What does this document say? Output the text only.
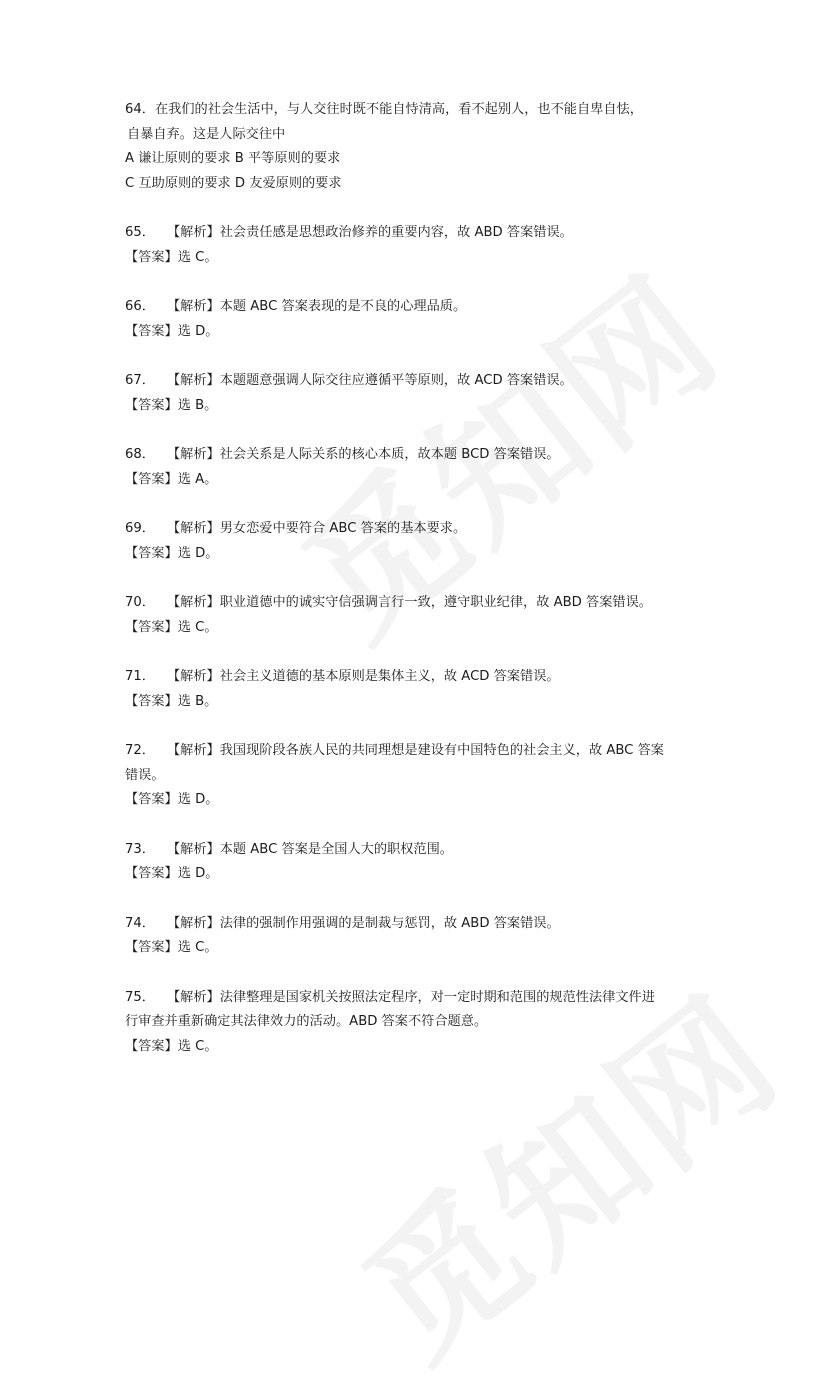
64．在我们的社会生活中，与人交往时既不能自恃清高，看不起别人，也不能自卑自怯，

自暴自弃。这是人际交往中

A 谦让原则的要求 B 平等原则的要求

C 互助原则的要求 D 友爱原则的要求

65． 【解析】社会责任感是思想政治修养的重要内容，故 ABD 答案错误。

【答案】选 C。

66． 【解析】本题 ABC 答案表现的是不良的心理品质。

【答案】选 D。

67． 【解析】本题题意强调人际交往应遵循平等原则，故 ACD 答案错误。

【答案】选 B。

68． 【解析】社会关系是人际关系的核心本质，故本题 BCD 答案错误。

【答案】选 A。

69． 【解析】男女恋爱中要符合 ABC 答案的基本要求。

【答案】选 D。

70． 【解析】职业道德中的诚实守信强调言行一致，遵守职业纪律，故 ABD 答案错误。

【答案】选 C。

71． 【解析】社会主义道德的基本原则是集体主义，故 ACD 答案错误。

【答案】选 B。

72． 【解析】我国现阶段各族人民的共同理想是建设有中国特色的社会主义，故 ABC 答案

错误。

【答案】选 D。

73． 【解析】本题 ABC 答案是全国人大的职权范围。

【答案】选 D。

74． 【解析】法律的强制作用强调的是制裁与惩罚，故 ABD 答案错误。

【答案】选 C。

75． 【解析】法律整理是国家机关按照法定程序，对一定时期和范围的规范性法律文件进

行审查并重新确定其法律效力的活动。ABD 答案不符合题意。

【答案】选 C。
